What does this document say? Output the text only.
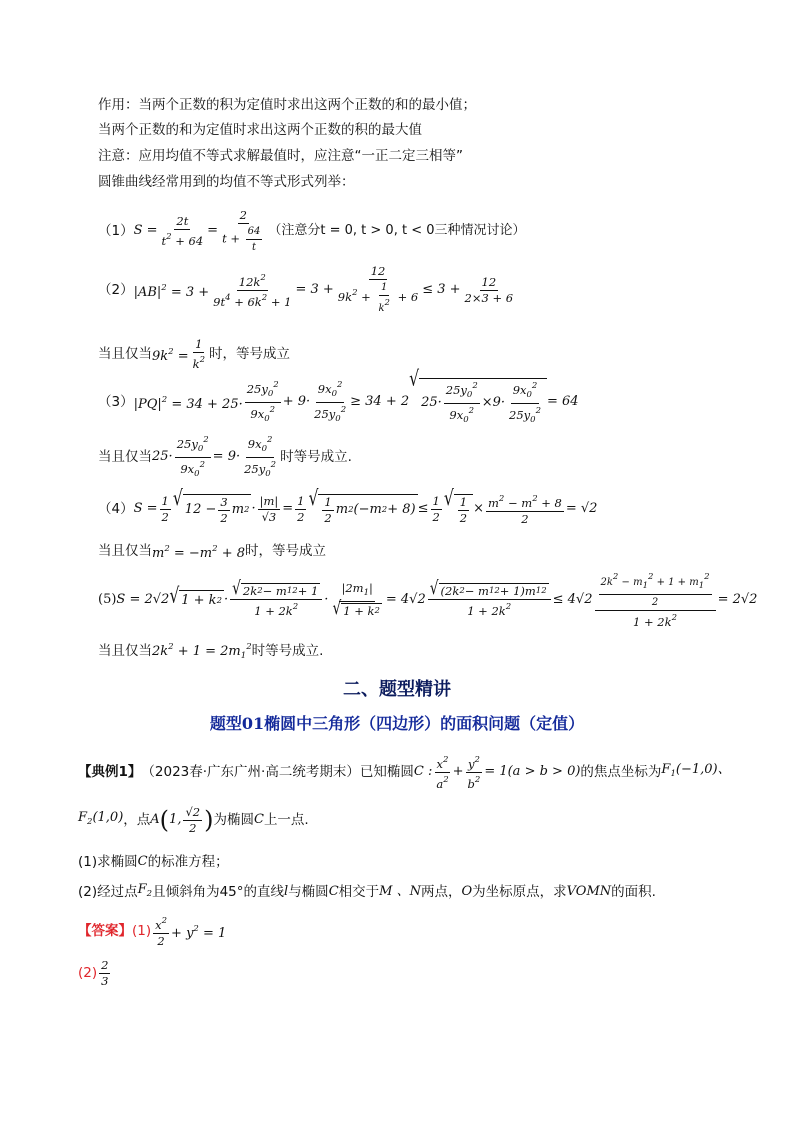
作用：当两个正数的积为定值时求出这两个正数的和的最小值；
当两个正数的和为定值时求出这两个正数的积的最大值
注意：应用均值不等式求解最值时，应注意“一正二定三相等”
圆锥曲线经常用到的均值不等式形式列举：
（1） $S = \frac{2t}{t^2 + 64} = \frac{2}{t + \frac{64}{t}}$ （注意分t = 0, t > 0, t < 0三种情况讨论）
（2） $|AB|^2 = 3 + \frac{12k^2}{9t^4 + 6k^2 + 1} = 3 + \frac{12}{9k^2 + \frac{1}{k^2} + 6} \le 3 + \frac{12}{2\times 3 + 6}$
当且仅当 $9k^2 = \frac{1}{k^2}$ 时，等号成立
（3） $|PQ|^2 = 34 + 25\cdot \frac{25y_0^2}{9x_0^2} + 9\cdot \frac{9x_0^2}{25y_0^2} \ge 34 + 2$
√
$25\cdot \frac{25y_0^2}{9x_0^2} \times 9\cdot \frac{9x_0^2}{25y_0^2} = 64$
当且仅当 $25\cdot \frac{25y_0^2}{9x_0^2} = 9\cdot \frac{9x_0^2}{25y_0^2}$ 时等号成立.
（4） $S = \frac{1}{2}$ √ $12 - \frac{3}{2}$ m $2 \cdot \frac{|m|}{√3} = \frac{1}{2}$ √ $\frac{1}{2}$ m 2 (−m $2 + 8) \le \frac{1}{2}$ √ $\frac{1}{2} \times \frac{m^2 - m^2 + 8}{2} = √2$
当且仅当 $m^2 = -m^2 + 8$ 时，等号成立
(5) S = 2√2 √ 1 + k $2 \cdot \frac{√ 2k 2 - m 1 2 + 1}{1 + 2k^2} \cdot \frac{|2m_1|}{√ 1 + k 2} = 4√2 \frac{√ (2k 2 - m 1 2 + 1)m 1 2}{1 + 2k^2} \le 4√2 \frac{\frac{2k^2 - m_1^2 + 1 + m_1^2}{2}}{1 + 2k^2} = 2√2$
当且仅当 $2k^2 + 1 = 2m_1^2$ 时等号成立.
二、题型精讲
题型01椭圆中三角形（四边形）的面积问题（定值）
【典例1】 （2023春·广东广州·高二统考期末）已知椭圆 C : $\frac{x^2}{a^2} + \frac{y^2}{b^2} = 1(a > b > 0)$ 的焦点坐标为 $F_1(-1,0)$、
$F_2(1,0)$ ，点 A ( 1, $\frac{√2}{2}$ ) 为椭圆 C 上一点.
(1)求椭圆 C 的标准方程；
(2)经过点 $F_2$ 且倾斜角为45°的直线 l 与椭圆 C 相交于 M 、N 两点， O 为坐标原点，求 VOMN 的面积.
【答案】 $(1) \frac{x^2}{2} + y^2 = 1$
$(2) \frac{2}{3}$
